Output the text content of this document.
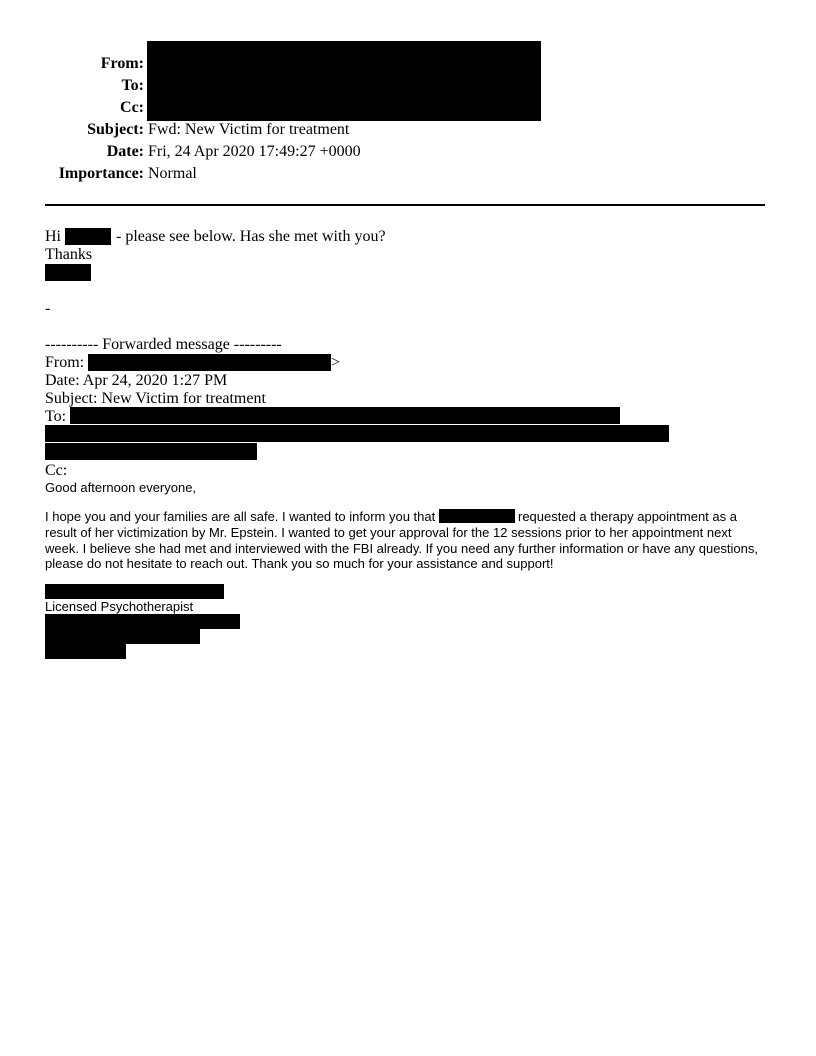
From:
To:
Cc:
Subject: Fwd: New Victim for treatment
Date: Fri, 24 Apr 2020 17:49:27 +0000
Importance: Normal
Hi	- please see below. Has she met with you?
Thanks
-
---------- Forwarded message ---------
From:	>
Date: Apr 24, 2020 1:27 PM
Subject: New Victim for treatment
To:
Cc:
Good afternoon everyone,
I hope you and your families are all safe. I wanted to inform you that	requested a therapy appointment as a
result of her victimization by Mr. Epstein. I wanted to get your approval for the 12 sessions prior to her appointment next
week. I believe she had met and interviewed with the FBI already. If you need any further information or have any questions,
please do not hesitate to reach out. Thank you so much for your assistance and support!
Licensed Psychotherapist
